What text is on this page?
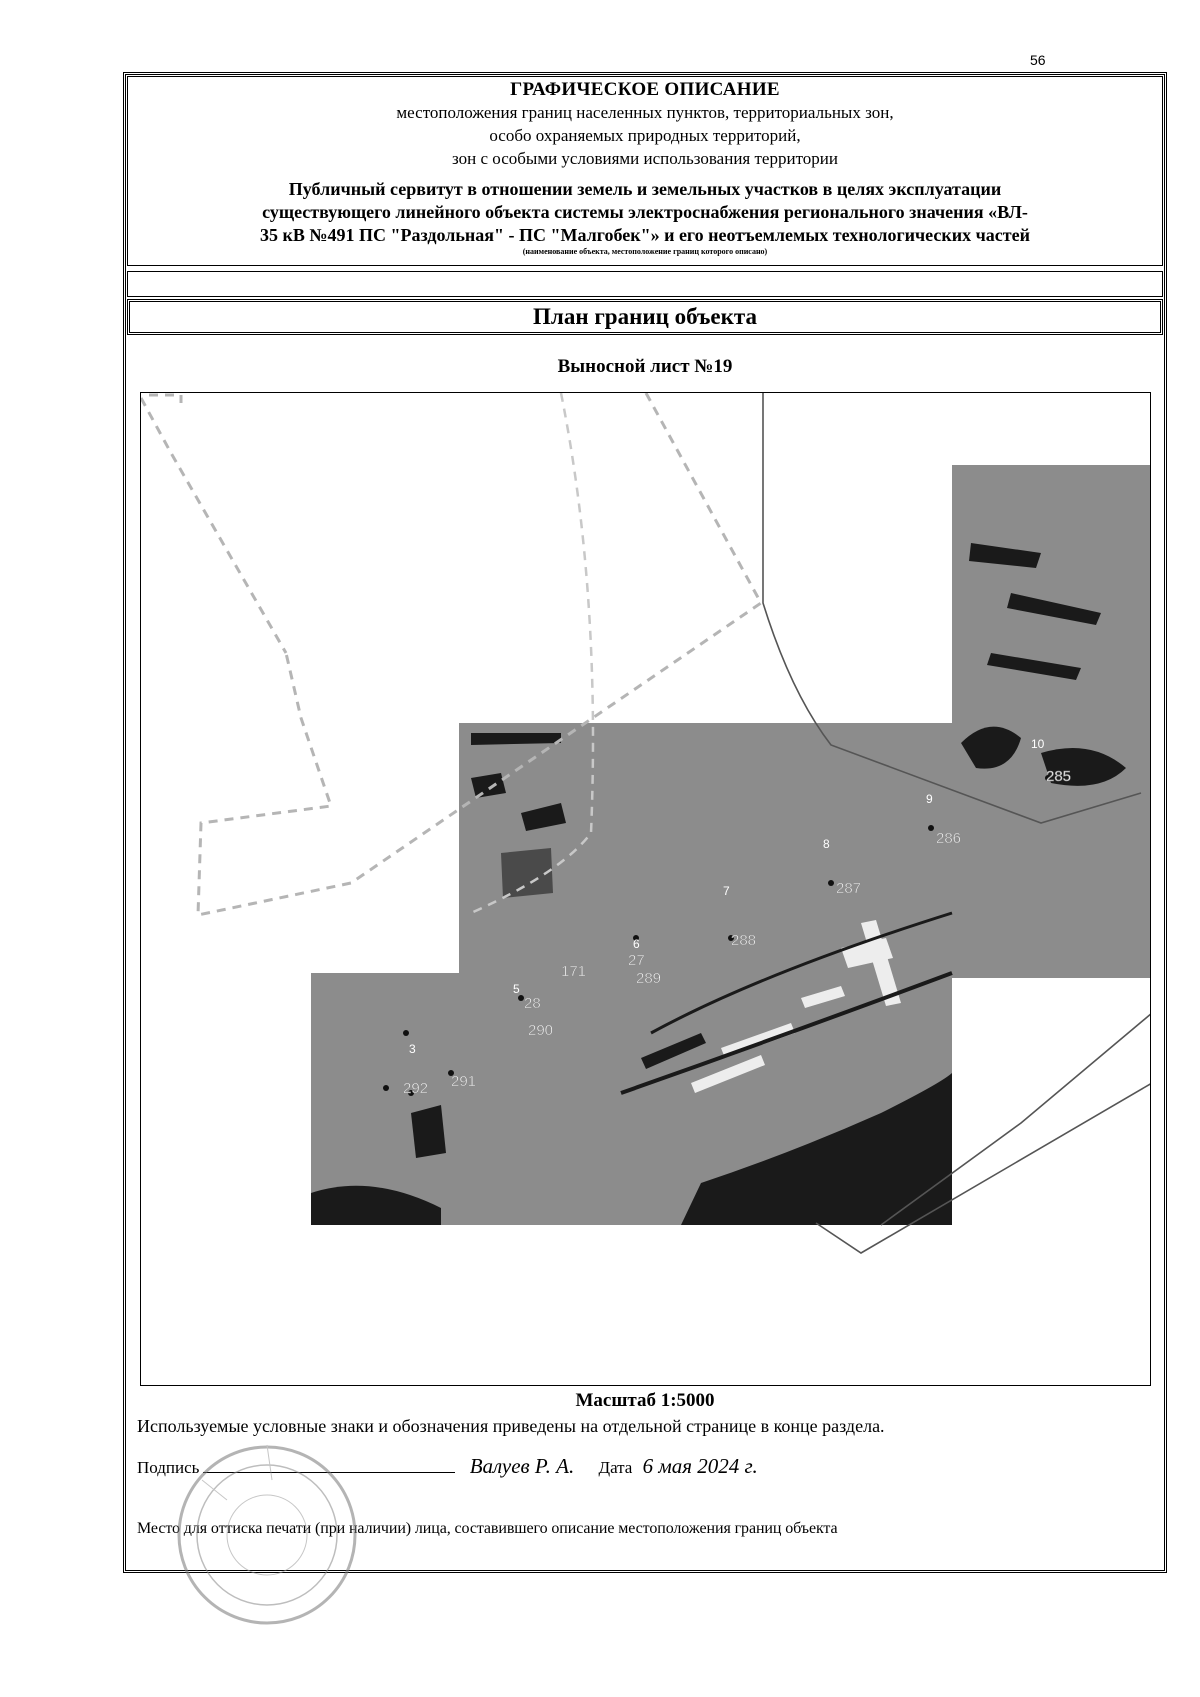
56
ГРАФИЧЕСКОЕ ОПИСАНИЕ
местоположения границ населенных пунктов, территориальных зон,
особо охраняемых природных территорий,
зон с особыми условиями использования территории
Публичный сервитут в отношении земель и земельных участков в целях эксплуатации
существующего линейного объекта системы электроснабжения регионального значения «ВЛ-
35 кВ №491 ПС "Раздольная" - ПС "Малгобек"» и его неотъемлемых технологических частей
(наименование объекта, местоположение границ которого описано)
План границ объекта
Выносной лист №19
285
10
286
9
287
8
288
7
289
6
27
28
5
290
291
292
3
171
Масштаб 1:5000
Используемые условные знаки и обозначения приведены на отдельной странице в конце раздела.
Подпись	Валуев Р. А. Дата 6 мая 2024 г.
Место для оттиска печати (при наличии) лица, составившего описание местоположения границ объекта
